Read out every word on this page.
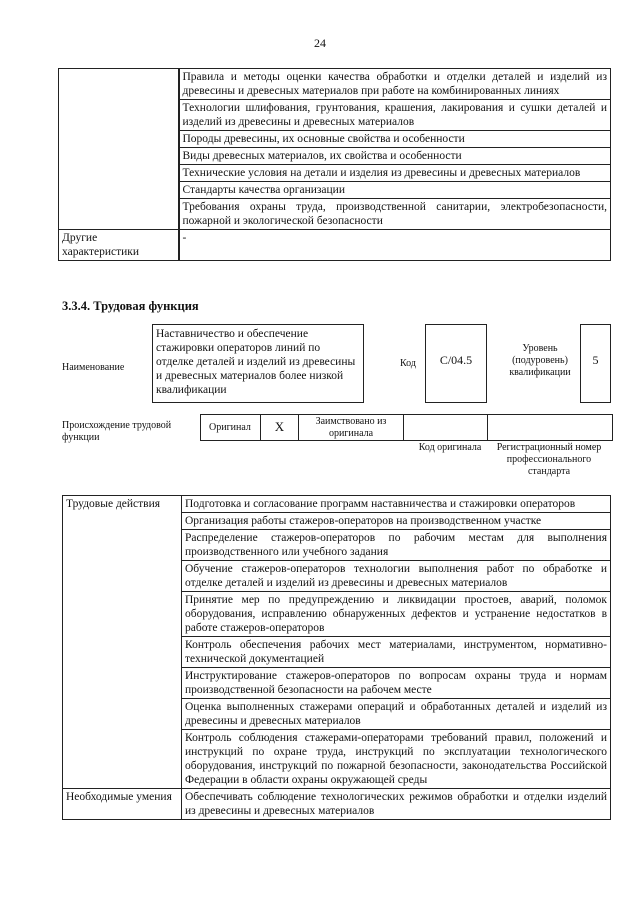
24
	Правила и методы оценки качества обработки и отделки деталей и изделий из древесины и древесных материалов при работе на комбинированных линиях
	Технологии шлифования, грунтования, крашения, лакирования и сушки деталей и изделий из древесины и древесных материалов
	Породы древесины, их основные свойства и особенности
	Виды древесных материалов, их свойства и особенности
	Технические условия на детали и изделия из древесины и древесных материалов
	Стандарты качества организации
	Требования охраны труда, производственной санитарии, электробезопасности, пожарной и экологической безопасности
Другие характеристики	-
3.3.4. Трудовая функция
Наименование
Наставничество и обеспечение стажировки операторов линий по отделке деталей и изделий из древесины и древесных материалов более низкой квалификации
Код	С/04.5
Уровень (подуровень) квалификации
5
Происхождение трудовой функции
Оригинал	X	Заимствовано из оригинала
Код оригинала	Регистрационный номер профессионального стандарта
Трудовые действия	Подготовка и согласование программ наставничества и стажировки операторов
	Организация работы стажеров-операторов на производственном участке
	Распределение стажеров-операторов по рабочим местам для выполнения производственного или учебного задания
	Обучение стажеров-операторов технологии выполнения работ по обработке и отделке деталей и изделий из древесины и древесных материалов
	Принятие мер по предупреждению и ликвидации простоев, аварий, поломок оборудования, исправлению обнаруженных дефектов и устранение недостатков в работе стажеров-операторов
	Контроль обеспечения рабочих мест материалами, инструментом, нормативно-технической документацией
	Инструктирование стажеров-операторов по вопросам охраны труда и нормам производственной безопасности на рабочем месте
	Оценка выполненных стажерами операций и обработанных деталей и изделий из древесины и древесных материалов
	Контроль соблюдения стажерами-операторами требований правил, положений и инструкций по охране труда, инструкций по эксплуатации технологического оборудования, инструкций по пожарной безопасности, законодательства Российской Федерации в области охраны окружающей среды
Необходимые умения	Обеспечивать соблюдение технологических режимов обработки и отделки изделий из древесины и древесных материалов
